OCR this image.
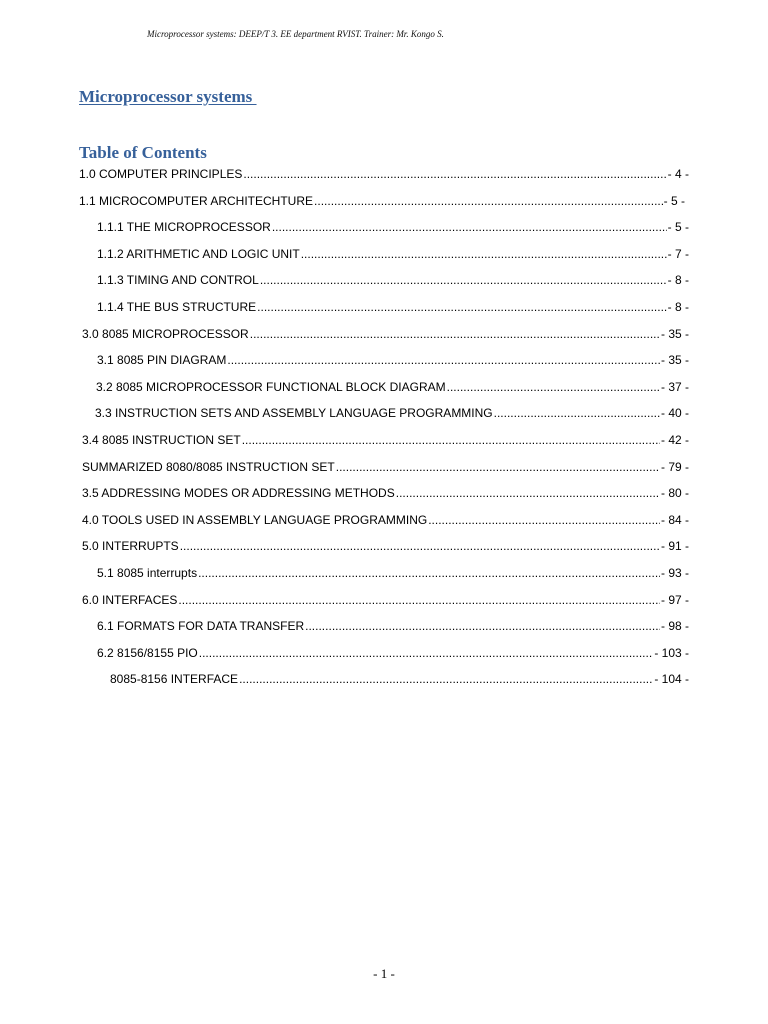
Microprocessor systems: DEEP/T 3. EE department RVIST. Trainer: Mr. Kongo S.
Microprocessor systems
Table of Contents
1.0 COMPUTER PRINCIPLES .....	- 4 -
1.1 MICROCOMPUTER ARCHITECHTURE .....	- 5 -
1.1.1 THE MICROPROCESSOR .....	- 5 -
1.1.2 ARITHMETIC AND LOGIC UNIT .....	- 7 -
1.1.3 TIMING AND CONTROL .....	- 8 -
1.1.4 THE BUS STRUCTURE .....	- 8 -
3.0 8085 MICROPROCESSOR .....	- 35 -
3.1 8085 PIN DIAGRAM .....	- 35 -
3.2 8085 MICROPROCESSOR FUNCTIONAL BLOCK DIAGRAM .....	- 37 -
3.3 INSTRUCTION SETS AND ASSEMBLY LANGUAGE PROGRAMMING .....	- 40 -
3.4 8085 INSTRUCTION SET .....	- 42 -
SUMMARIZED 8080/8085 INSTRUCTION SET .....	- 79 -
3.5 ADDRESSING MODES OR ADDRESSING METHODS .....	- 80 -
4.0 TOOLS USED IN ASSEMBLY LANGUAGE PROGRAMMING .....	- 84 -
5.0 INTERRUPTS .....	- 91 -
5.1 8085 interrupts .....	- 93 -
6.0 INTERFACES .....	- 97 -
6.1 FORMATS FOR DATA TRANSFER .....	- 98 -
6.2 8156/8155 PIO .....	- 103 -
8085-8156 INTERFACE .....	- 104 -
- 1 -
